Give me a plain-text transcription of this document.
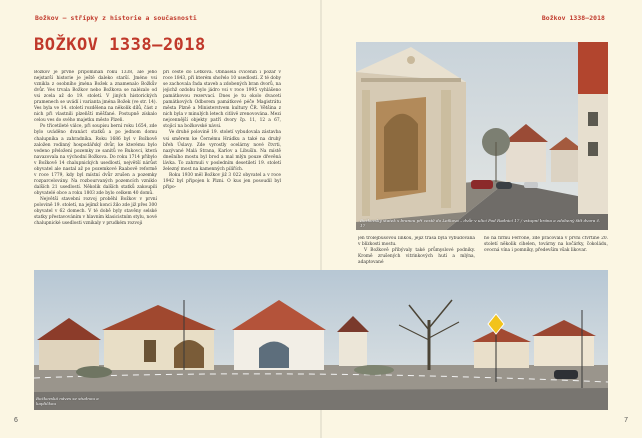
Božkov – střípky z historie a současnosti	Božkov 1338–2018
BOŽKOV 1338–2018

Božkov je prvně připomínán roku 1338, ale jeho nejstarší historie je ještě daleko starší. Jméno vsi vznikla z osobního jména Božek a znamenalo Božkův dvůr. Ves trvala Božkov nebo Božkova se nalézalo od vsi zcela až do 19. století. V jiných historických pramenech se uvádí i varianta jména Božek (ve str. 14). Ves byla ve 14. století rozdělena na několik dílů, část z nich při vlastnili plzeňští měšťané. Postupně získalo celou ves do svého majetku město Plzeň.

Po třicetileté válce, při soupisu berní roku 1654, zde bylo uváděno dvanáct statků a po jednom domu chalupníka a zahradníka. Roku 1686 byl v Božkově založen rodinný hospodářský dvůr, ke kterému bylo vedeno přeložení pozemky ze sanitů ve Bukovci, která navazovala na východní Božkova. Do roku 1714 přibylo v Božkově 14 chalupnických usedlostí, největší nárůst obyvatel ale nastal až po pozemkové Raabově reformě v roce 1779, kdy byl místní dvůr zrušen a pozemky rozparcelovány. Na rozbourvaných pozemcích vzniklo dalších 21 usedlostí. Několik dalších statků zakoupili obyvatelé obce a roku 1803 zde bylo celkem 40 domů.

Největší stavební rozvoj proběhl Božkov v první polovině 19. století, na jejímž konci žilo zde již přes 300 obyvatel v 62 domech. V té době byly stavěny selské statky přestavováním v hlavním klasicistním stylu, nové chalupnické usedlosti vznikaly v prudkém rozvoji

při cestě do Letkova. Obnášela cvičenin i požár v roce 1843, při kterém shořelo 10 usedlostí. Z té doby se zachovala řada staveb a zdobených bran dvorů, na jejichž ozdobu bylo jádro vsi v roce 1995 vyhlášeno památkovou rezervací. Dnes je tu okolo dvaceti památkových Odborem památkové péče Magistrátu města Plzně a Ministerstvem kultury ČR. Většina z nich byla v minulých letech citlivě zrenovována. Mezi nejcennější objekty patří dvory čp. 11, 12 a 67, stojící na božkovské návsi.

Ve druhé polovině 19. století vybudovala zástavba vsi směrem ke Černému Hrádku a také na druhý břeh Úslavy. Zde vyrostly ocelárny nové čtvrti, nazývané Malá Strana, Karlov a Libušín. Na místě dnešního mostu byl brod a mal mlýn pouze dřevěná lávka. To zahrnuli v posledním desetiletí 19. století železný most na kamenných pilířích.

Roku 1930 měl Božkov již 3 022 obyvatel a v roce 1942 byl připojen k Plzni. O kus jen posoudil byl připo-

jen trolejbusovou linkou, jejíž trasa byla vybudována v blízkosti mostu.

V Božkově přibývaly také průmyslové podniky. Kromě zrušených vitrinkových hutí a mlýna, adaptované

ho na firmu Ferrone, zde pracovala v první čtvrtině 20. století několik cihelen, továrny na kočárky, čokoládu, ovocná vína i pomníky, především však likovar.

Božkovský statek s branou při cestě do Letkova – dvůr v ulici Pod Radnicí 17 / vstupní brána a zdobený štít dvora č. 17
Božkovská náves se studnou a kapličkou
6	7
